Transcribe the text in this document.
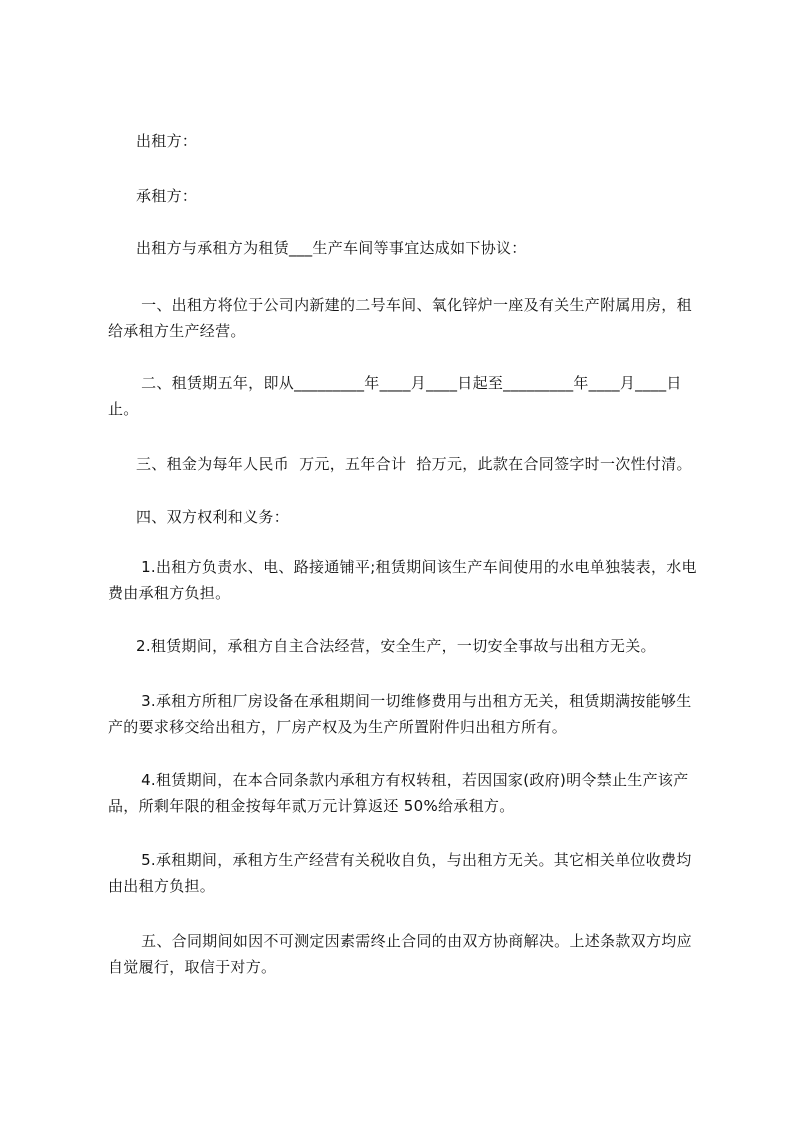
出租方：
承租方：
出租方与承租方为租赁___生产车间等事宜达成如下协议：
一、出租方将位于公司内新建的二号车间、氧化锌炉一座及有关生产附属用房，租给承租方生产经营。
二、租赁期五年，即从_________年____月____日起至_________年____月____日止。
三、租金为每年人民币  万元，五年合计  拾万元，此款在合同签字时一次性付清。
四、双方权利和义务：
1.出租方负责水、电、路接通铺平;租赁期间该生产车间使用的水电单独装表，水电费由承租方负担。
2.租赁期间，承租方自主合法经营，安全生产，一切安全事故与出租方无关。
3.承租方所租厂房设备在承租期间一切维修费用与出租方无关，租赁期满按能够生产的要求移交给出租方，厂房产权及为生产所置附件归出租方所有。
4.租赁期间，在本合同条款内承租方有权转租，若因国家(政府)明令禁止生产该产品，所剩年限的租金按每年贰万元计算返还 50%给承租方。
5.承租期间，承租方生产经营有关税收自负，与出租方无关。其它相关单位收费均由出租方负担。
五、合同期间如因不可测定因素需终止合同的由双方协商解决。上述条款双方均应自觉履行，取信于对方。
